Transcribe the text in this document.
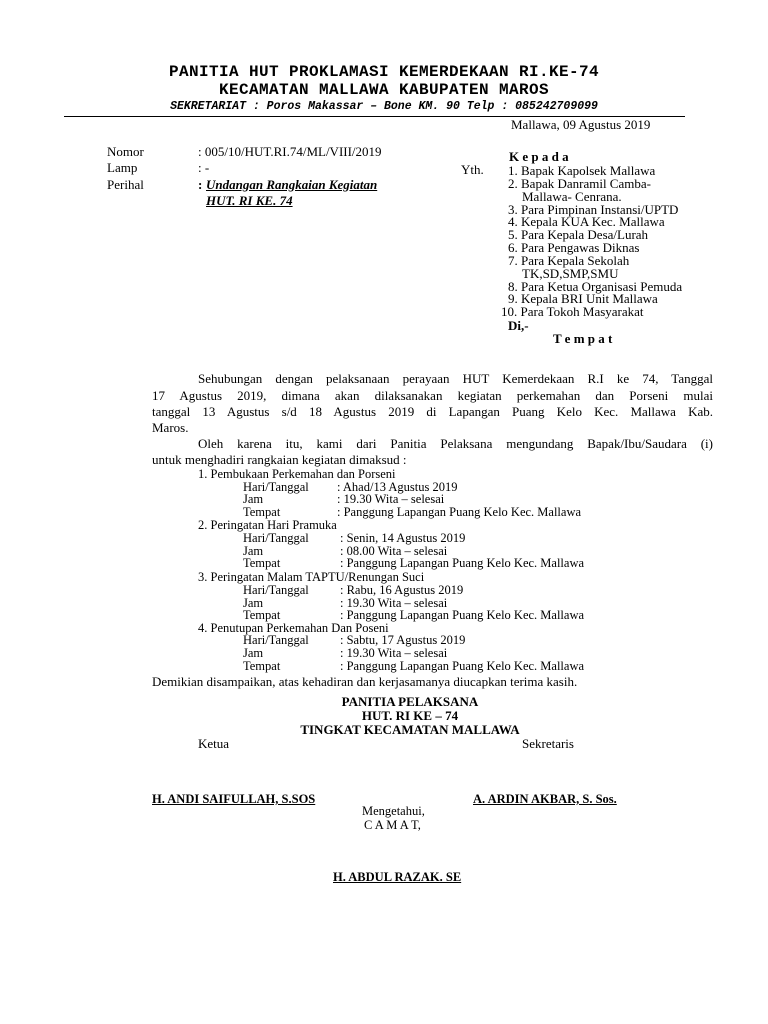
PANITIA HUT PROKLAMASI KEMERDEKAAN RI.KE-74
KECAMATAN MALLAWA KABUPATEN MAROS
SEKRETARIAT : Poros Makassar – Bone KM. 90 Telp : 085242709099
Mallawa, 09 Agustus 2019
Nomor	: 005/10/HUT.RI.74/ML/VIII/2019
Lamp	: -
Perihal	: Undangan Rangkaian Kegiatan
HUT. RI KE. 74
Yth.
K e p a d a
1. Bapak Kapolsek Mallawa
2. Bapak Danramil Camba-
Mallawa- Cenrana.
3. Para Pimpinan Instansi/UPTD
4. Kepala KUA Kec. Mallawa
5. Para Kepala Desa/Lurah
6. Para Pengawas Diknas
7. Para Kepala Sekolah
TK,SD,SMP,SMU
8. Para Ketua Organisasi Pemuda
9. Kepala BRI Unit Mallawa
10. Para Tokoh Masyarakat
Di,-
T e m p a t
Sehubungan dengan pelaksanaan perayaan HUT Kemerdekaan R.I ke 74, Tanggal
17 Agustus 2019, dimana akan dilaksanakan kegiatan perkemahan dan Porseni mulai
tanggal 13 Agustus s/d 18 Agustus 2019 di Lapangan Puang Kelo Kec. Mallawa Kab.
Maros.
Oleh karena itu, kami dari Panitia Pelaksana mengundang Bapak/Ibu/Saudara (i)
untuk menghadiri rangkaian kegiatan dimaksud :
1. Pembukaan Perkemahan dan Porseni
Hari/Tanggal : Ahad/13 Agustus 2019
Jam	: 19.30 Wita – selesai
Tempat	: Panggung Lapangan Puang Kelo Kec. Mallawa
2. Peringatan Hari Pramuka
Hari/Tanggal : Senin, 14 Agustus 2019
Jam	: 08.00 Wita – selesai
Tempat	: Panggung Lapangan Puang Kelo Kec. Mallawa
3. Peringatan Malam TAPTU/Renungan Suci
Hari/Tanggal : Rabu, 16 Agustus 2019
Jam	: 19.30 Wita – selesai
Tempat	: Panggung Lapangan Puang Kelo Kec. Mallawa
4. Penutupan Perkemahan Dan Poseni
Hari/Tanggal : Sabtu, 17 Agustus 2019
Jam	: 19.30 Wita – selesai
Tempat	: Panggung Lapangan Puang Kelo Kec. Mallawa
Demikian disampaikan, atas kehadiran dan kerjasamanya diucapkan terima kasih.
PANITIA PELAKSANA
HUT. RI KE – 74
TINGKAT KECAMATAN MALLAWA
Ketua	Sekretaris
H. ANDI SAIFULLAH, S.SOS	A. ARDIN AKBAR, S. Sos.
Mengetahui,
C A M A T,
H. ABDUL RAZAK. SE
